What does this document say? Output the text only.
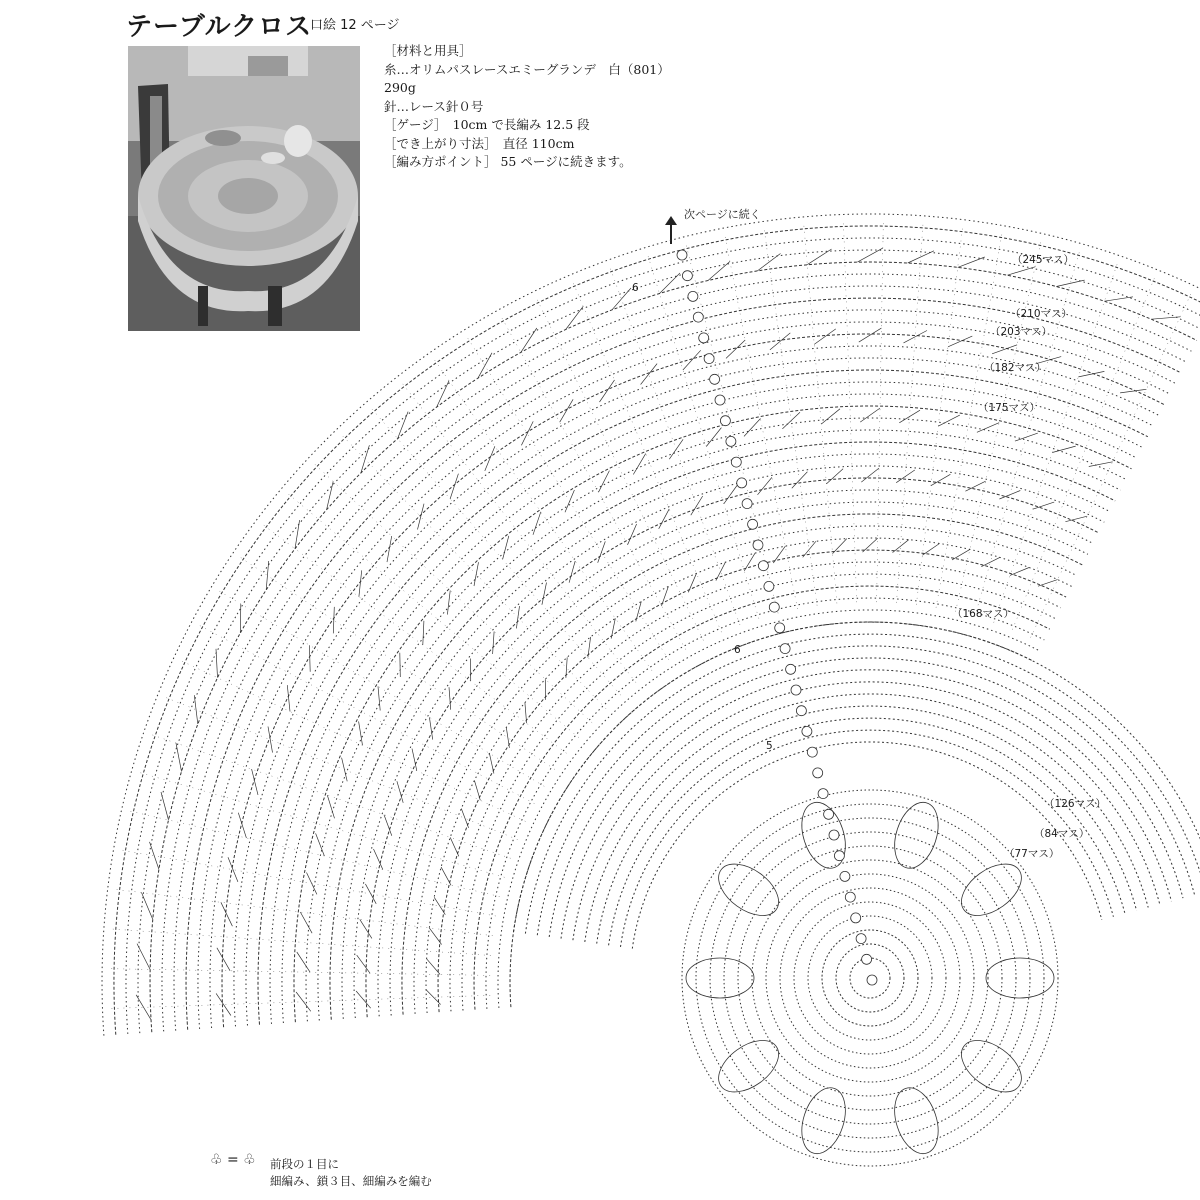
テーブルクロス
口絵 12 ページ
［材料と用具］
糸…オリムパスレースエミーグランデ　白（801）
290g
針…レース針０号
［ゲージ］　10cm で長編み 12.5 段
［でき上がり寸法］　直径 110cm
［編み方ポイント］ 55 ページに続きます。
次ページに続く
（245マス）
（210マス）
（203マス）
（182マス）
（175マス）
（168マス）
（126マス）
（84マス）
（77マス）
6
6
5
♧ = ♧ 前段の１目に
細編み、鎖３目、細編みを編む
